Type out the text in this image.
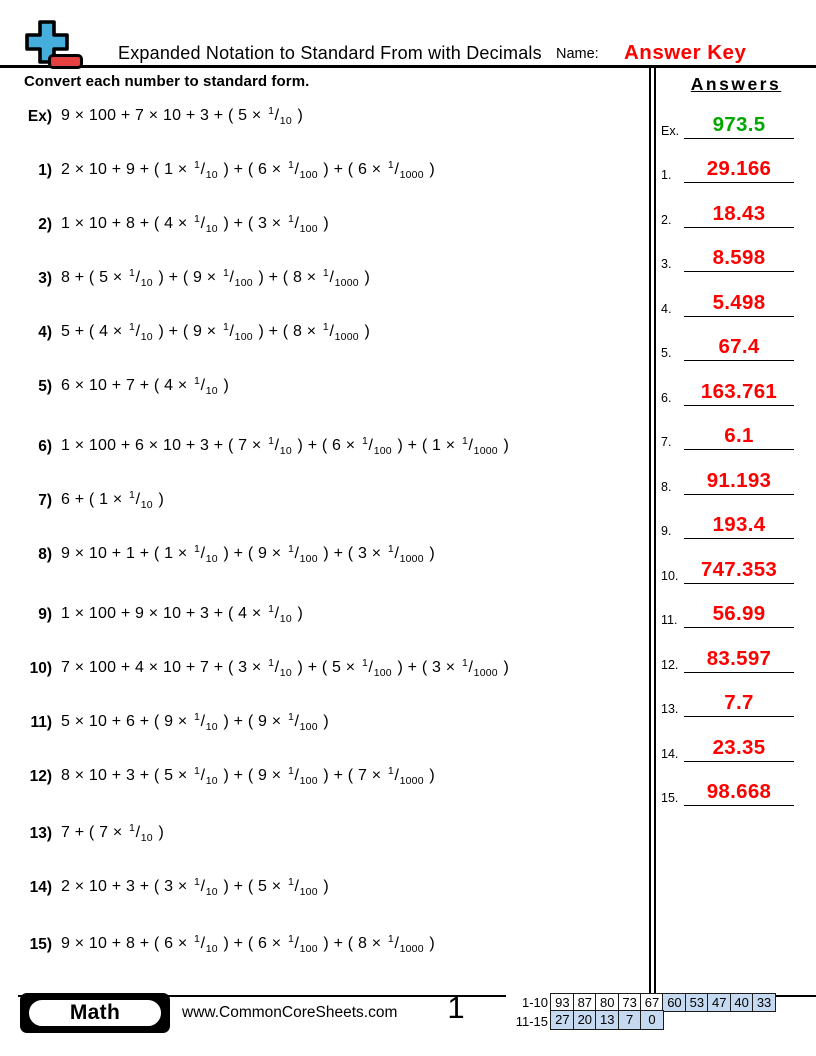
Expanded Notation to Standard From with Decimals Name: Answer Key
Convert each number to standard form.
Ex) 9 × 100 + 7 × 10 + 3 + ( $5 \times ^1/_{10}$ )
1) 2 × 10 + 9 + ( $1 \times ^1/_{10}$ ) + ( $6 \times ^1/_{100}$ ) + ( $6 \times ^1/_{1000}$ )
2) 1 × 10 + 8 + ( $4 \times ^1/_{10}$ ) + ( $3 \times ^1/_{100}$ )
3) 8 + ( $5 \times ^1/_{10}$ ) + ( $9 \times ^1/_{100}$ ) + ( $8 \times ^1/_{1000}$ )
4) 5 + ( $4 \times ^1/_{10}$ ) + ( $9 \times ^1/_{100}$ ) + ( $8 \times ^1/_{1000}$ )
5) 6 × 10 + 7 + ( $4 \times ^1/_{10}$ )
6) 1 × 100 + 6 × 10 + 3 + ( $7 \times ^1/_{10}$ ) + ( $6 \times ^1/_{100}$ ) + ( $1 \times ^1/_{1000}$ )
7) 6 + ( $1 \times ^1/_{10}$ )
8) 9 × 10 + 1 + ( $1 \times ^1/_{10}$ ) + ( $9 \times ^1/_{100}$ ) + ( $3 \times ^1/_{1000}$ )
9) 1 × 100 + 9 × 10 + 3 + ( $4 \times ^1/_{10}$ )
10) 7 × 100 + 4 × 10 + 7 + ( $3 \times ^1/_{10}$ ) + ( $5 \times ^1/_{100}$ ) + ( $3 \times ^1/_{1000}$ )
11) 5 × 10 + 6 + ( $9 \times ^1/_{10}$ ) + ( $9 \times ^1/_{100}$ )
12) 8 × 10 + 3 + ( $5 \times ^1/_{10}$ ) + ( $9 \times ^1/_{100}$ ) + ( $7 \times ^1/_{1000}$ )
13) 7 + ( $7 \times ^1/_{10}$ )
14) 2 × 10 + 3 + ( $3 \times ^1/_{10}$ ) + ( $5 \times ^1/_{100}$ )
15) 9 × 10 + 8 + ( $6 \times ^1/_{10}$ ) + ( $6 \times ^1/_{100}$ ) + ( $8 \times ^1/_{1000}$ )
Answers
Ex. 973.5
1. 29.166
2. 18.43
3. 8.598
4. 5.498
5. 67.4
6. 163.761
7.	6.1
8. 91.193
9. 193.4
10. 747.353
11. 56.99
12. 83.597
13. 7.7
14. 23.35
15. 98.668
Math	www.CommonCoreSheets.com	1	1-10 93 87 80 73 67 60 53 47 40 33
11-15 27 20 13 7	0
